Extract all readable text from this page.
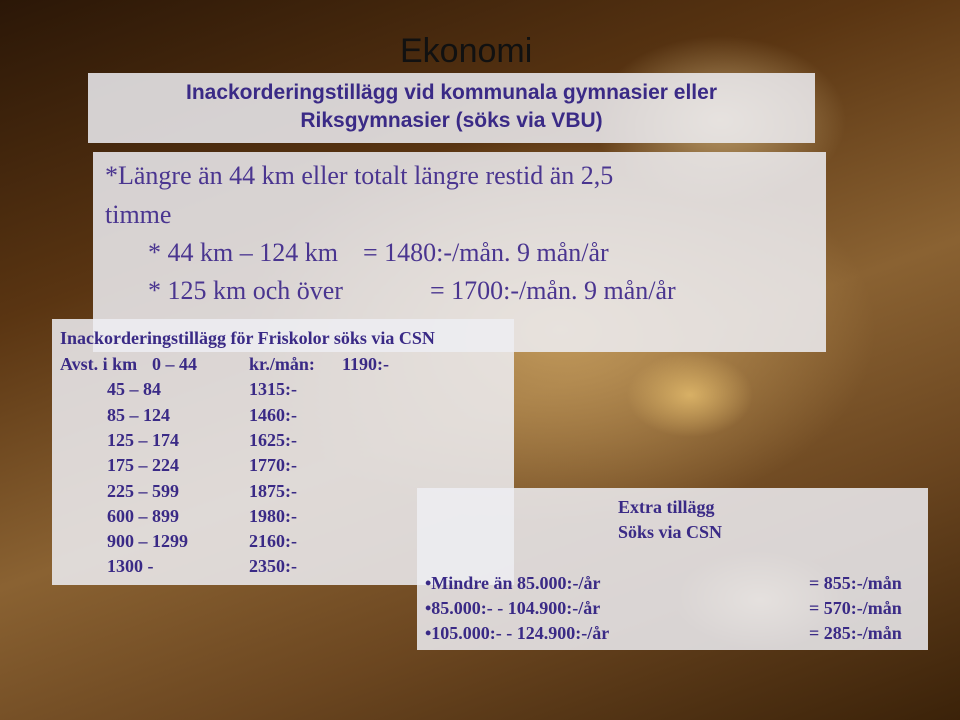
Ekonomi
Inackorderingstillägg vid kommunala gymnasier eller
Riksgymnasier (söks via VBU)
*Längre än 44 km eller totalt längre restid än 2,5
timme
* 44 km – 124 km = 1480:-/mån. 9 mån/år
* 125 km och över	= 1700:-/mån. 9 mån/år
Inackorderingstillägg för Friskolor söks via CSN
Avst. i km	kr./mån:
0 – 44	1190:-
45 – 84	1315:-
85 – 124	1460:-
125 – 174	1625:-
175 – 224	1770:-
225 – 599	1875:-
600 – 899	1980:-
900 – 1299	2160:-
1300 -	2350:-
Extra tillägg
Söks via CSN
•Mindre än 85.000:-/år	= 855:-/mån
•85.000:- - 104.900:-/år	= 570:-/mån
•105.000:- - 124.900:-/år	= 285:-/mån
